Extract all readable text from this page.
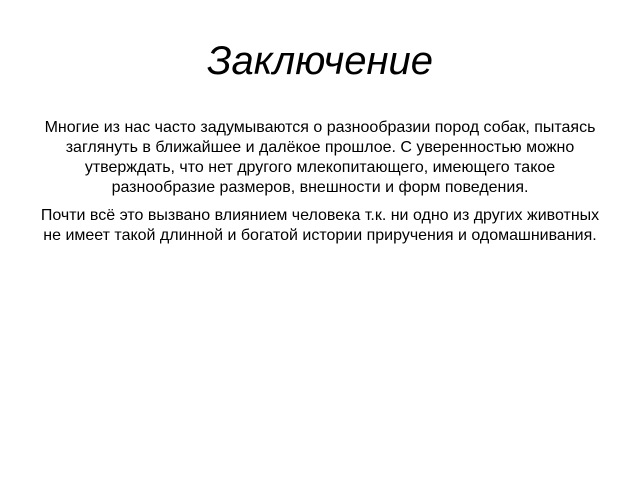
Заключение

Многие из нас часто задумываются о разнообразии пород собак, пытаясь заглянуть в ближайшее и далёкое прошлое. С уверенностью можно утверждать, что нет другого млекопитающего, имеющего такое разнообразие размеров, внешности и форм поведения.

Почти всё это вызвано влиянием человека т.к. ни одно из других животных не имеет такой длинной и богатой истории приручения и одомашнивания.
